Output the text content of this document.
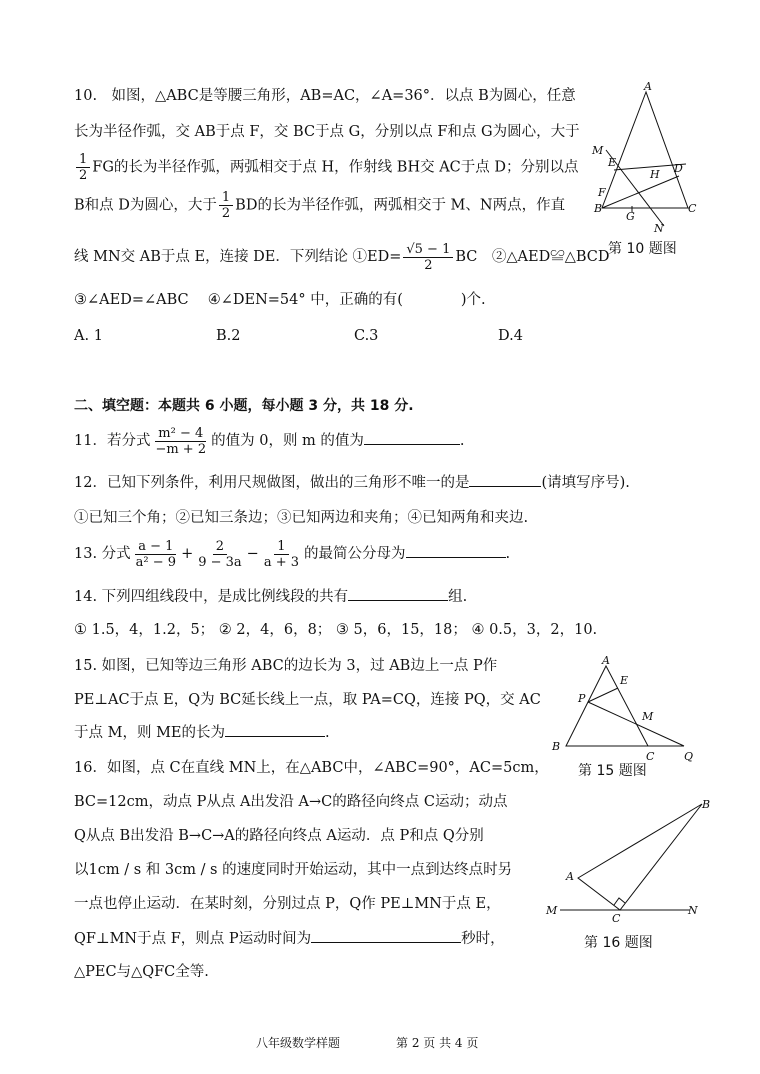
10.　如图，△ABC是等腰三角形，AB=AC，∠A=36°．以点 B为圆心，任意
长为半径作弧，交 AB于点 F，交 BC于点 G，分别以点 F和点 G为圆心，大于
$\frac{1}{2}$ FG的长为半径作弧，两弧相交于点 H，作射线 BH交 AC于点 D；分别以点
B和点 D为圆心，大于 $\frac{1}{2}$ BD的长为半径作弧，两弧相交于 M、N两点，作直
线 MN交 AB于点 E，连接 DE．下列结论 ①ED= $\frac{√5 - 1}{2}$ BC　②△AED≌△BCD
③∠AED=∠ABC　 ④∠DEN=54° 中，正确的有(　　　　)个.
A. 1	B.2	C.3	D.4
A
M
E
F
H D
B
G
C
N
第 10 题图
二、填空题：本题共 6 小题，每小题 3 分，共 18 分.
11．若分式 $\frac{\text{m² − 4}}{-m + 2}$ 的值为 0，则 m 的值为	.
12．已知下列条件，利用尺规做图，做出的三角形不唯一的是	(请填写序号).
①已知三个角；②已知三条边；③已知两边和夹角；④已知两角和夹边.
13. 分式 $\frac{a - 1}{\text{a² − 9}} + \frac{2}{9 - 3a} - \frac{1}{a + 3}$ 的最简公分母为	.
14. 下列四组线段中，是成比例线段的共有	组.
① 1.5，4，1.2，5； ② 2，4，6，8； ③ 5，6，15，18； ④ 0.5，3，2，10.
15. 如图，已知等边三角形 ABC的边长为 3，过 AB边上一点 P作
PE⊥AC于点 E，Q为 BC延长线上一点，取 PA=CQ，连接 PQ，交 AC
于点 M，则 ME的长为	.
A
E
P
M
B
C	Q
第 15 题图
16．如图，点 C在直线 MN上，在△ABC中，∠ABC=90°，AC=5cm，
BC=12cm，动点 P从点 A出发沿 A→C的路径向终点 C运动；动点
Q从点 B出发沿 B→C→A的路径向终点 A运动．点 P和点 Q分别
以1cm / s 和 3cm / s 的速度同时开始运动，其中一点到达终点时另
一点也停止运动．在某时刻，分别过点 P，Q作 PE⊥MN于点 E，
QF⊥MN于点 F，则点 P运动时间为	秒时，
△PEC与△QFC全等.
B
A
M
C
N
第 16 题图
八年级数学样题	第 2 页 共 4 页
